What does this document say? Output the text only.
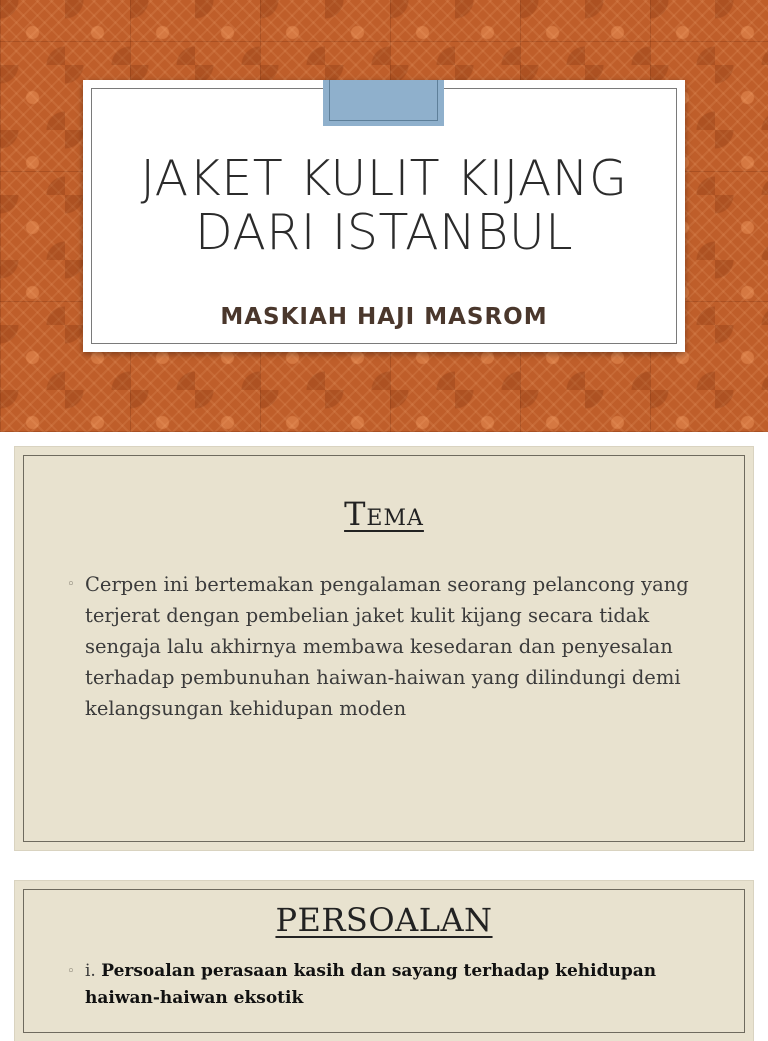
JAKET KULIT KIJANG
DARI ISTANBUL
MASKIAH HAJI MASROM
Tema
◦ Cerpen ini bertemakan pengalaman seorang pelancong yang terjerat dengan pembelian jaket kulit kijang secara tidak sengaja lalu akhirnya membawa kesedaran dan penyesalan terhadap pembunuhan haiwan-haiwan yang dilindungi demi kelangsungan kehidupan moden
PERSOALAN
◦ i. Persoalan perasaan kasih dan sayang terhadap kehidupan haiwan-haiwan eksotik
